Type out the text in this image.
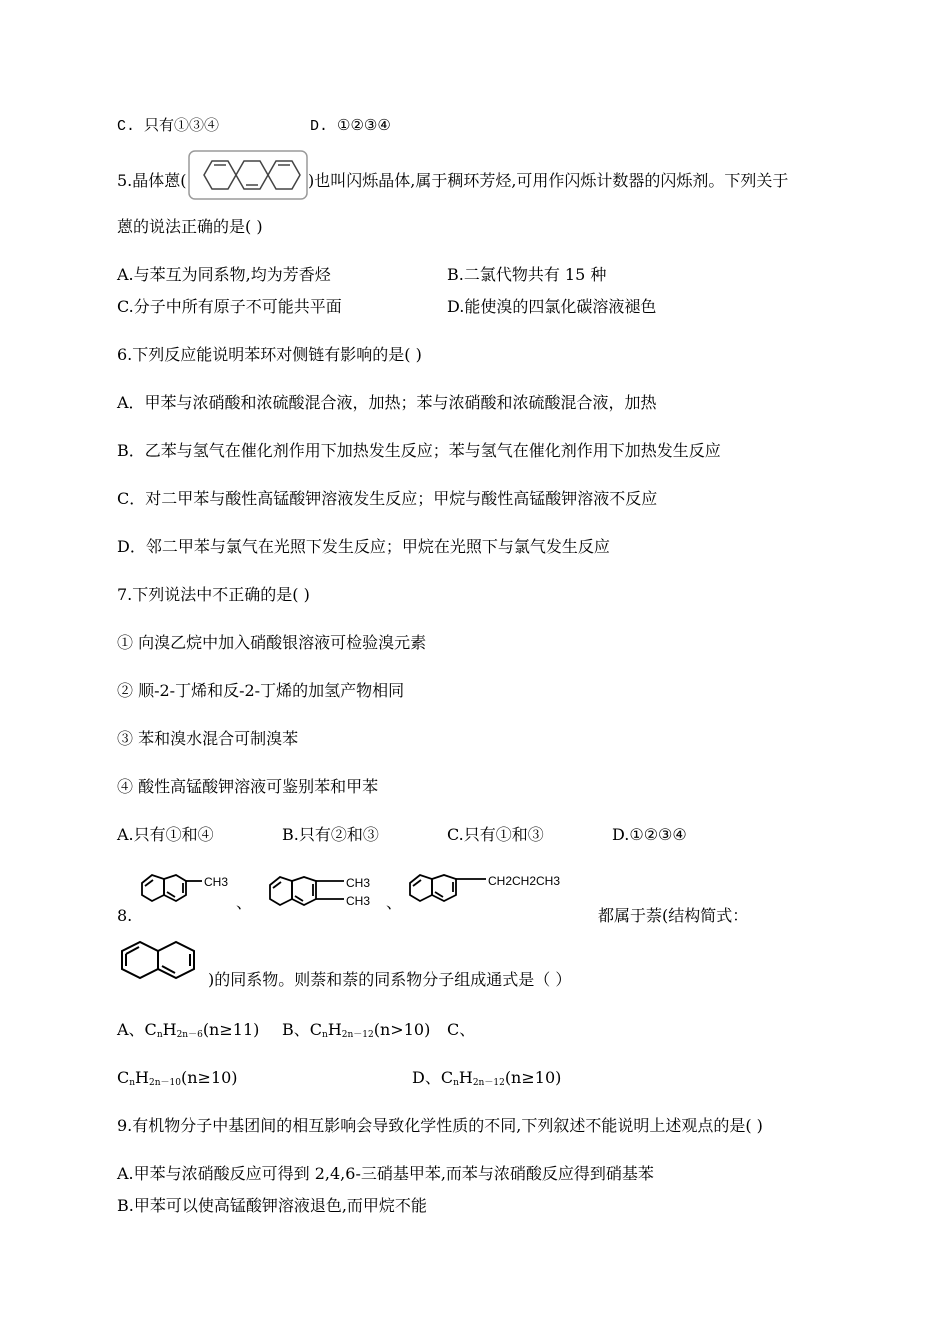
C. 只有①③④	D. ①②③④
5.晶体蒽(	)也叫闪烁晶体,属于稠环芳烃,可用作闪烁计数器的闪烁剂。下列关于
蒽的说法正确的是( )
A.与苯互为同系物,均为芳香烃	B.二氯代物共有 15 种
C.分子中所有原子不可能共平面	D.能使溴的四氯化碳溶液褪色
6.下列反应能说明苯环对侧链有影响的是( )
A．甲苯与浓硝酸和浓硫酸混合液，加热；苯与浓硝酸和浓硫酸混合液，加热
B．乙苯与氢气在催化剂作用下加热发生反应；苯与氢气在催化剂作用下加热发生反应
C．对二甲苯与酸性高锰酸钾溶液发生反应；甲烷与酸性高锰酸钾溶液不反应
D．邻二甲苯与氯气在光照下发生反应；甲烷在光照下与氯气发生反应
7.下列说法中不正确的是( )
① 向溴乙烷中加入硝酸银溶液可检验溴元素
② 顺-2-丁烯和反-2-丁烯的加氢产物相同
③ 苯和溴水混合可制溴苯
④ 酸性高锰酸钾溶液可鉴别苯和甲苯
A.只有①和④	B.只有②和③	C.只有①和③	D.①②③④
CH3
、
CH3
CH3 、
CH2CH2CH3
8.	都属于萘(结构简式：
)的同系物。则萘和萘的同系物分子组成通式是（ ）
A、$C_nH_{2n-6}(n\ge 11)$ B、$C_nH_{2n-12}(n>10)$ C、
$C_nH_{2n-10}(n\ge 10)$	D、$C_nH_{2n-12}(n\ge 10)$
9.有机物分子中基团间的相互影响会导致化学性质的不同,下列叙述不能说明上述观点的是( )
A.甲苯与浓硝酸反应可得到 2,4,6-三硝基甲苯,而苯与浓硝酸反应得到硝基苯
B.甲苯可以使高锰酸钾溶液退色,而甲烷不能
